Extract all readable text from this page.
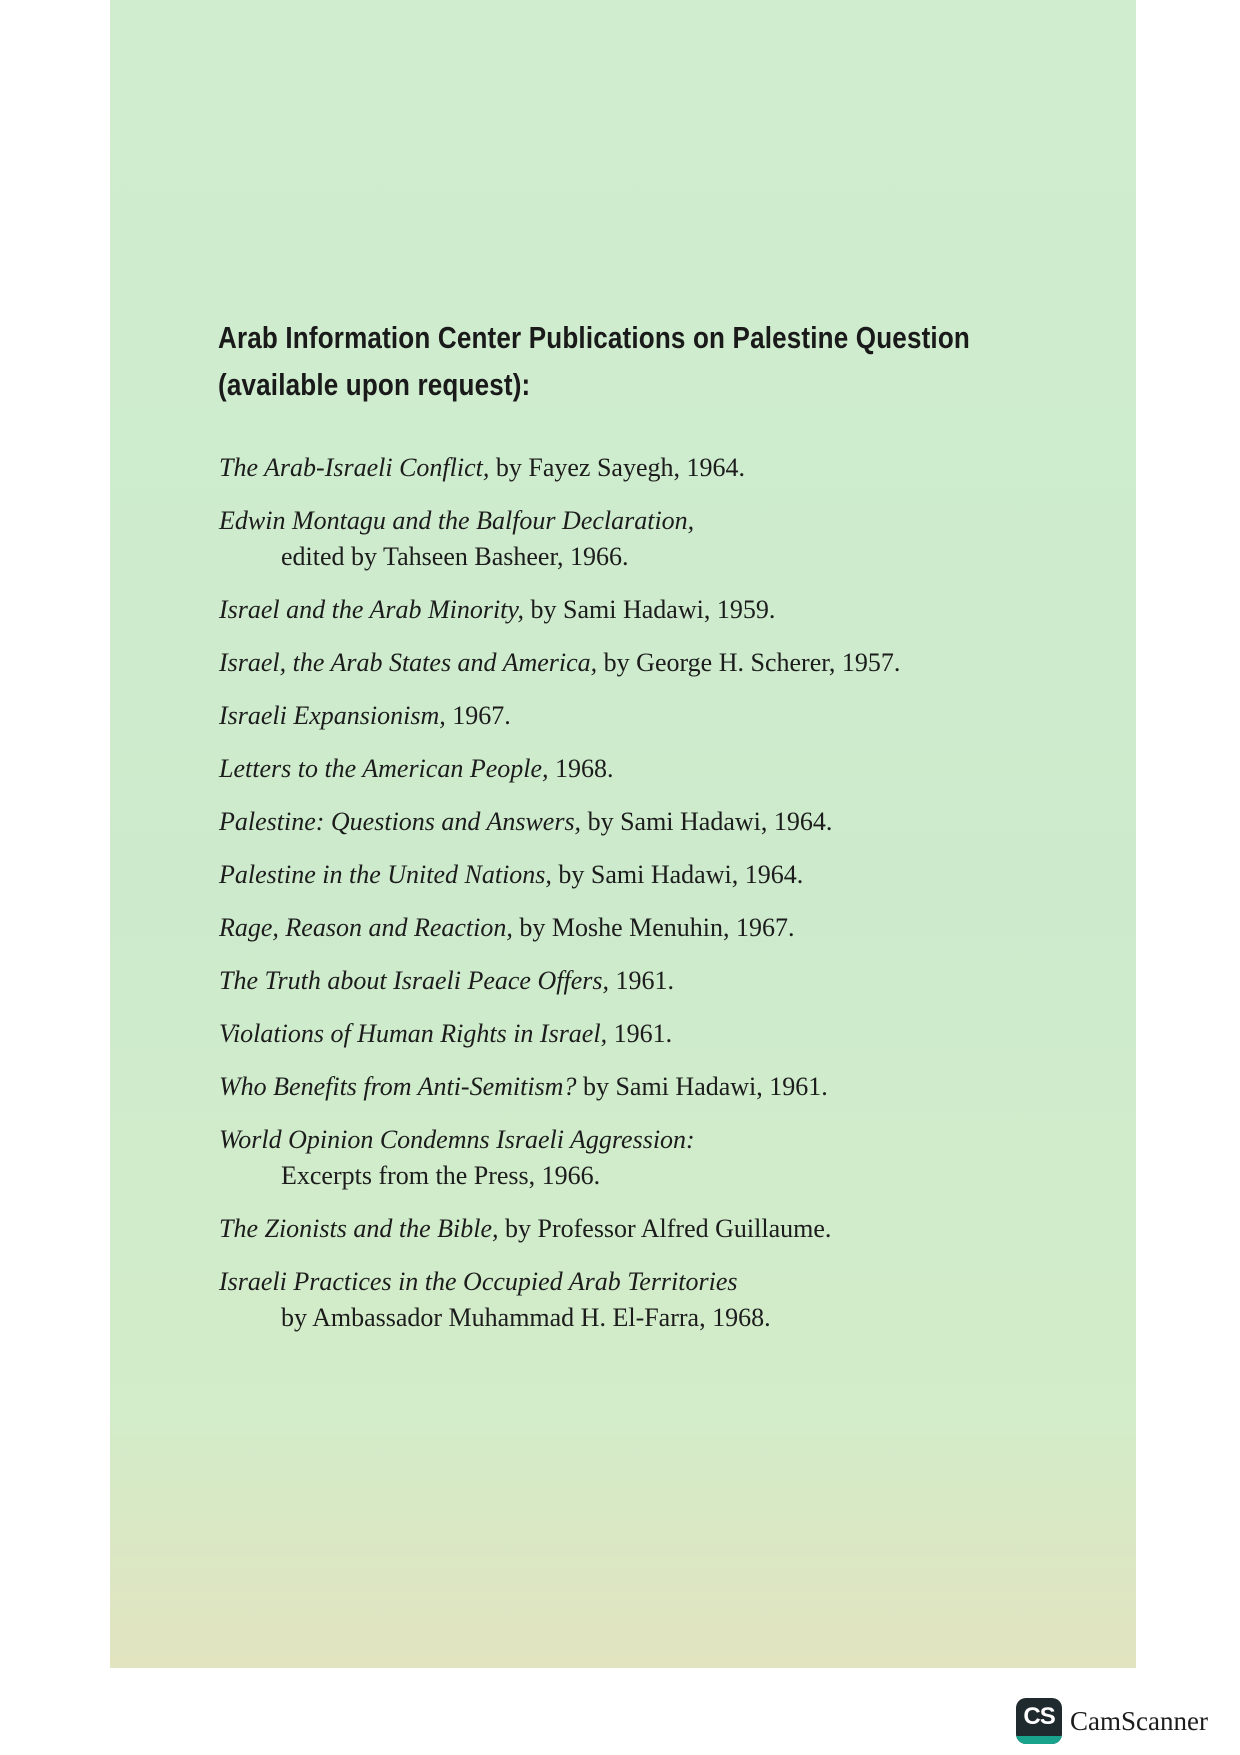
Arab Information Center Publications on Palestine Question
(available upon request):
The Arab-Israeli Conflict, by Fayez Sayegh, 1964.
Edwin Montagu and the Balfour Declaration,
edited by Tahseen Basheer, 1966.
Israel and the Arab Minority, by Sami Hadawi, 1959.
Israel, the Arab States and America, by George H. Scherer, 1957.
Israeli Expansionism, 1967.
Letters to the American People, 1968.
Palestine: Questions and Answers, by Sami Hadawi, 1964.
Palestine in the United Nations, by Sami Hadawi, 1964.
Rage, Reason and Reaction, by Moshe Menuhin, 1967.
The Truth about Israeli Peace Offers, 1961.
Violations of Human Rights in Israel, 1961.
Who Benefits from Anti-Semitism? by Sami Hadawi, 1961.
World Opinion Condemns Israeli Aggression:
Excerpts from the Press, 1966.
The Zionists and the Bible, by Professor Alfred Guillaume.
Israeli Practices in the Occupied Arab Territories
by Ambassador Muhammad H. El-Farra, 1968.
CS CamScanner
